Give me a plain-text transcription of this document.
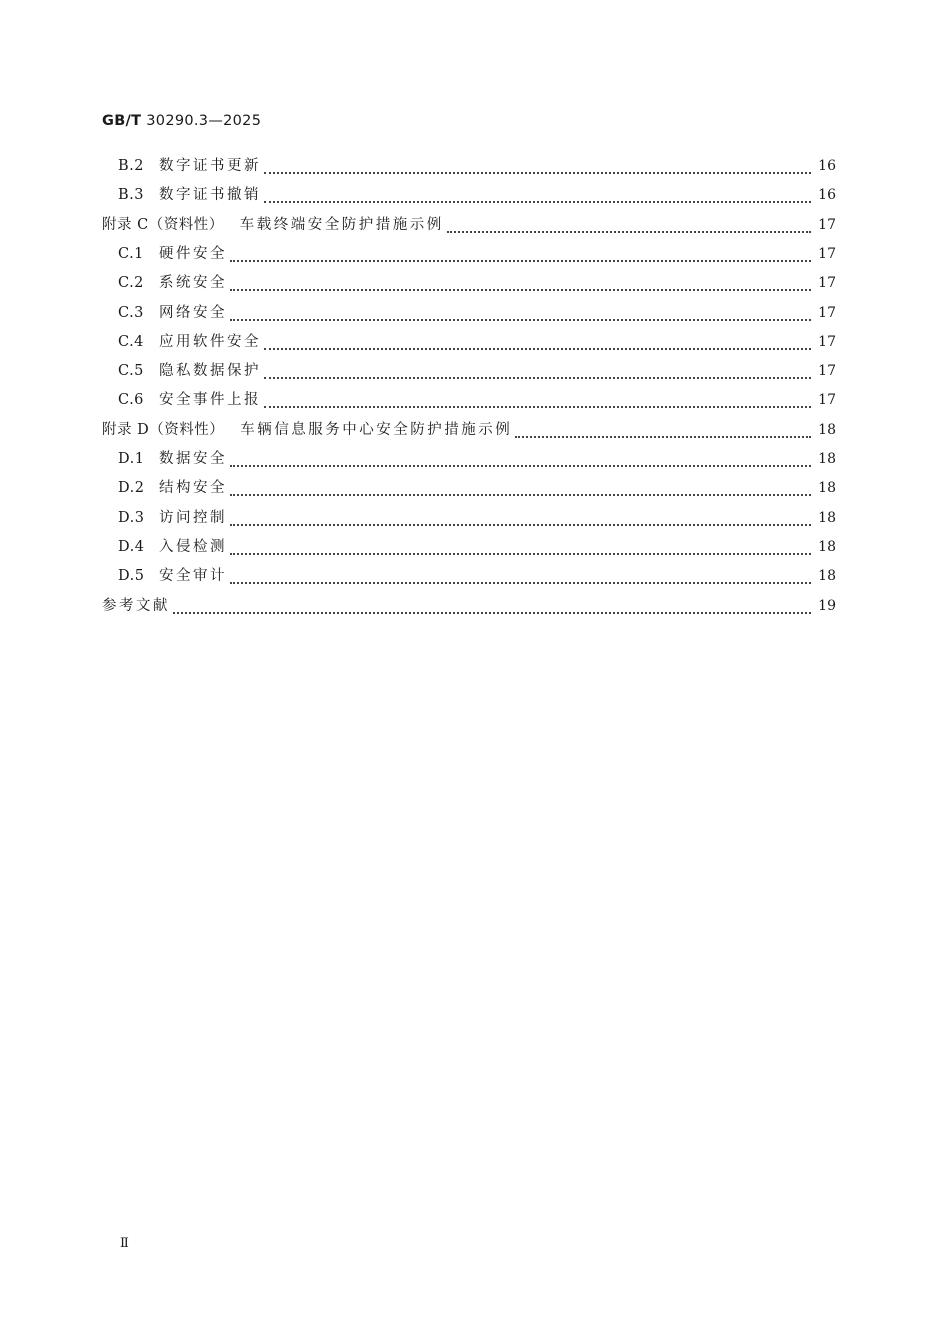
GB/T 30290.3—2025
B.2 数字证书更新	16
B.3 数字证书撤销	16
附录 C（资料性） 车载终端安全防护措施示例	17
C.1 硬件安全	17
C.2 系统安全	17
C.3 网络安全	17
C.4 应用软件安全	17
C.5 隐私数据保护	17
C.6 安全事件上报	17
附录 D（资料性） 车辆信息服务中心安全防护措施示例	18
D.1 数据安全	18
D.2 结构安全	18
D.3 访问控制	18
D.4 入侵检测	18
D.5 安全审计	18
参考文献	19
Ⅱ
